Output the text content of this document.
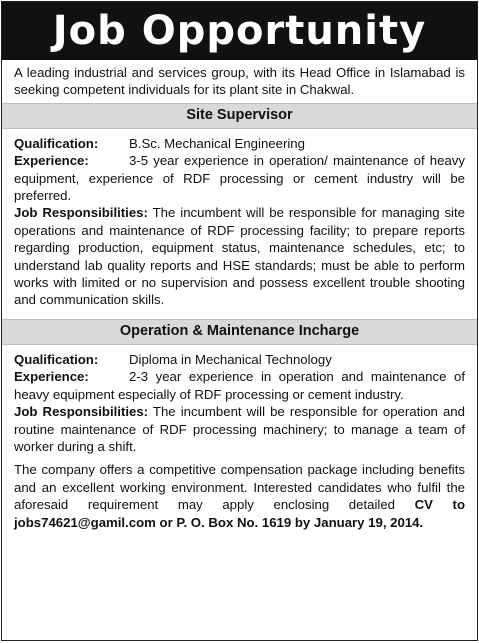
Job Opportunity

A leading industrial and services group, with its Head Office in Islamabad is seeking competent individuals for its plant site in Chakwal.

Site Supervisor
Qualification:	B.Sc. Mechanical Engineering

Experience:	3-5 year experience in operation/ maintenance of heavy equipment, experience of RDF processing or cement industry will be preferred.

Job Responsibilities: The incumbent will be responsible for managing site operations and maintenance of RDF processing facility; to prepare reports regarding production, equipment status, maintenance schedules, etc; to understand lab quality reports and HSE standards; must be able to perform works with limited or no supervision and possess excellent trouble shooting and communication skills.

Operation & Maintenance Incharge
Qualification:	Diploma in Mechanical Technology

Experience:	2-3 year experience in operation and maintenance of heavy equipment especially of RDF processing or cement industry.

Job Responsibilities: The incumbent will be responsible for operation and routine maintenance of RDF processing machinery; to manage a team of worker during a shift.

The company offers a competitive compensation package including benefits and an excellent working environment. Interested candidates who fulfil the aforesaid requirement may apply enclosing detailed CV to jobs74621@gamil.com or P. O. Box No. 1619 by January 19, 2014.
